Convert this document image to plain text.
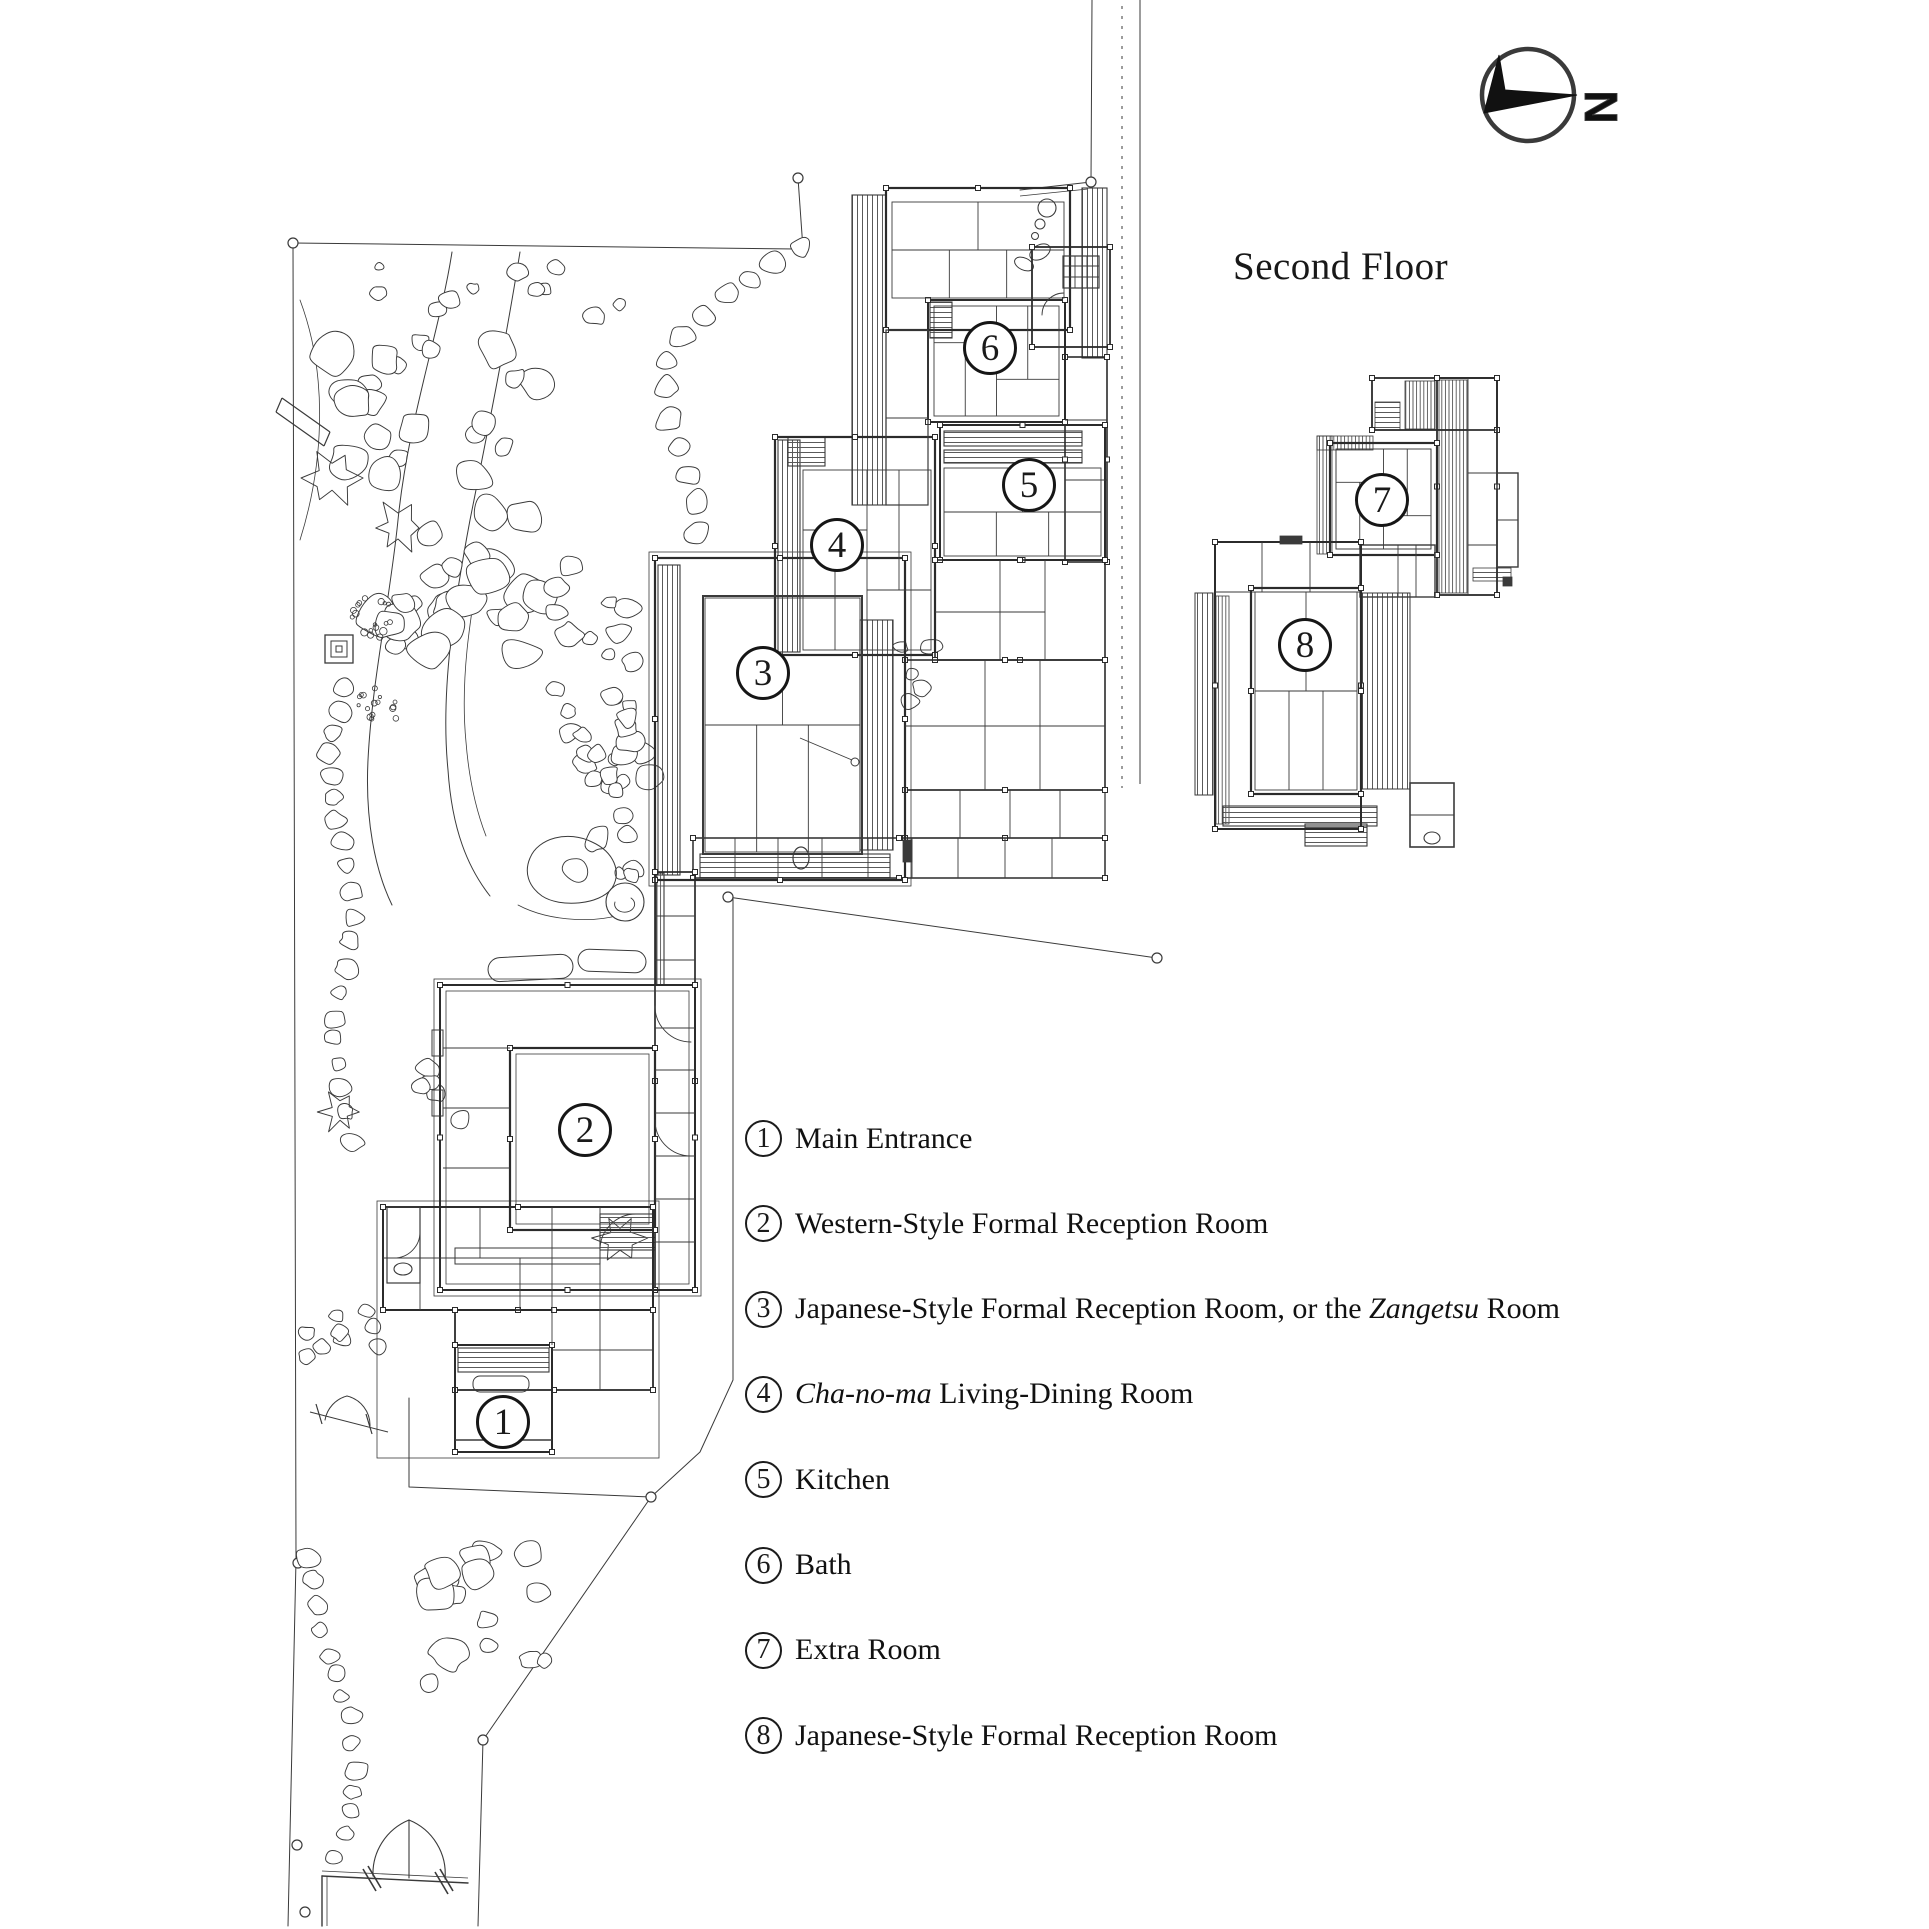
N
Second Floor
1 Main Entrance
2 Western-Style Formal Reception Room
3 Japanese-Style Formal Reception Room, or the Zangetsu Room
4 Cha-no-ma Living-Dining Room
5 Kitchen
6 Bath
7 Extra Room
8 Japanese-Style Formal Reception Room
1
2
3
4
5
6
7
8
